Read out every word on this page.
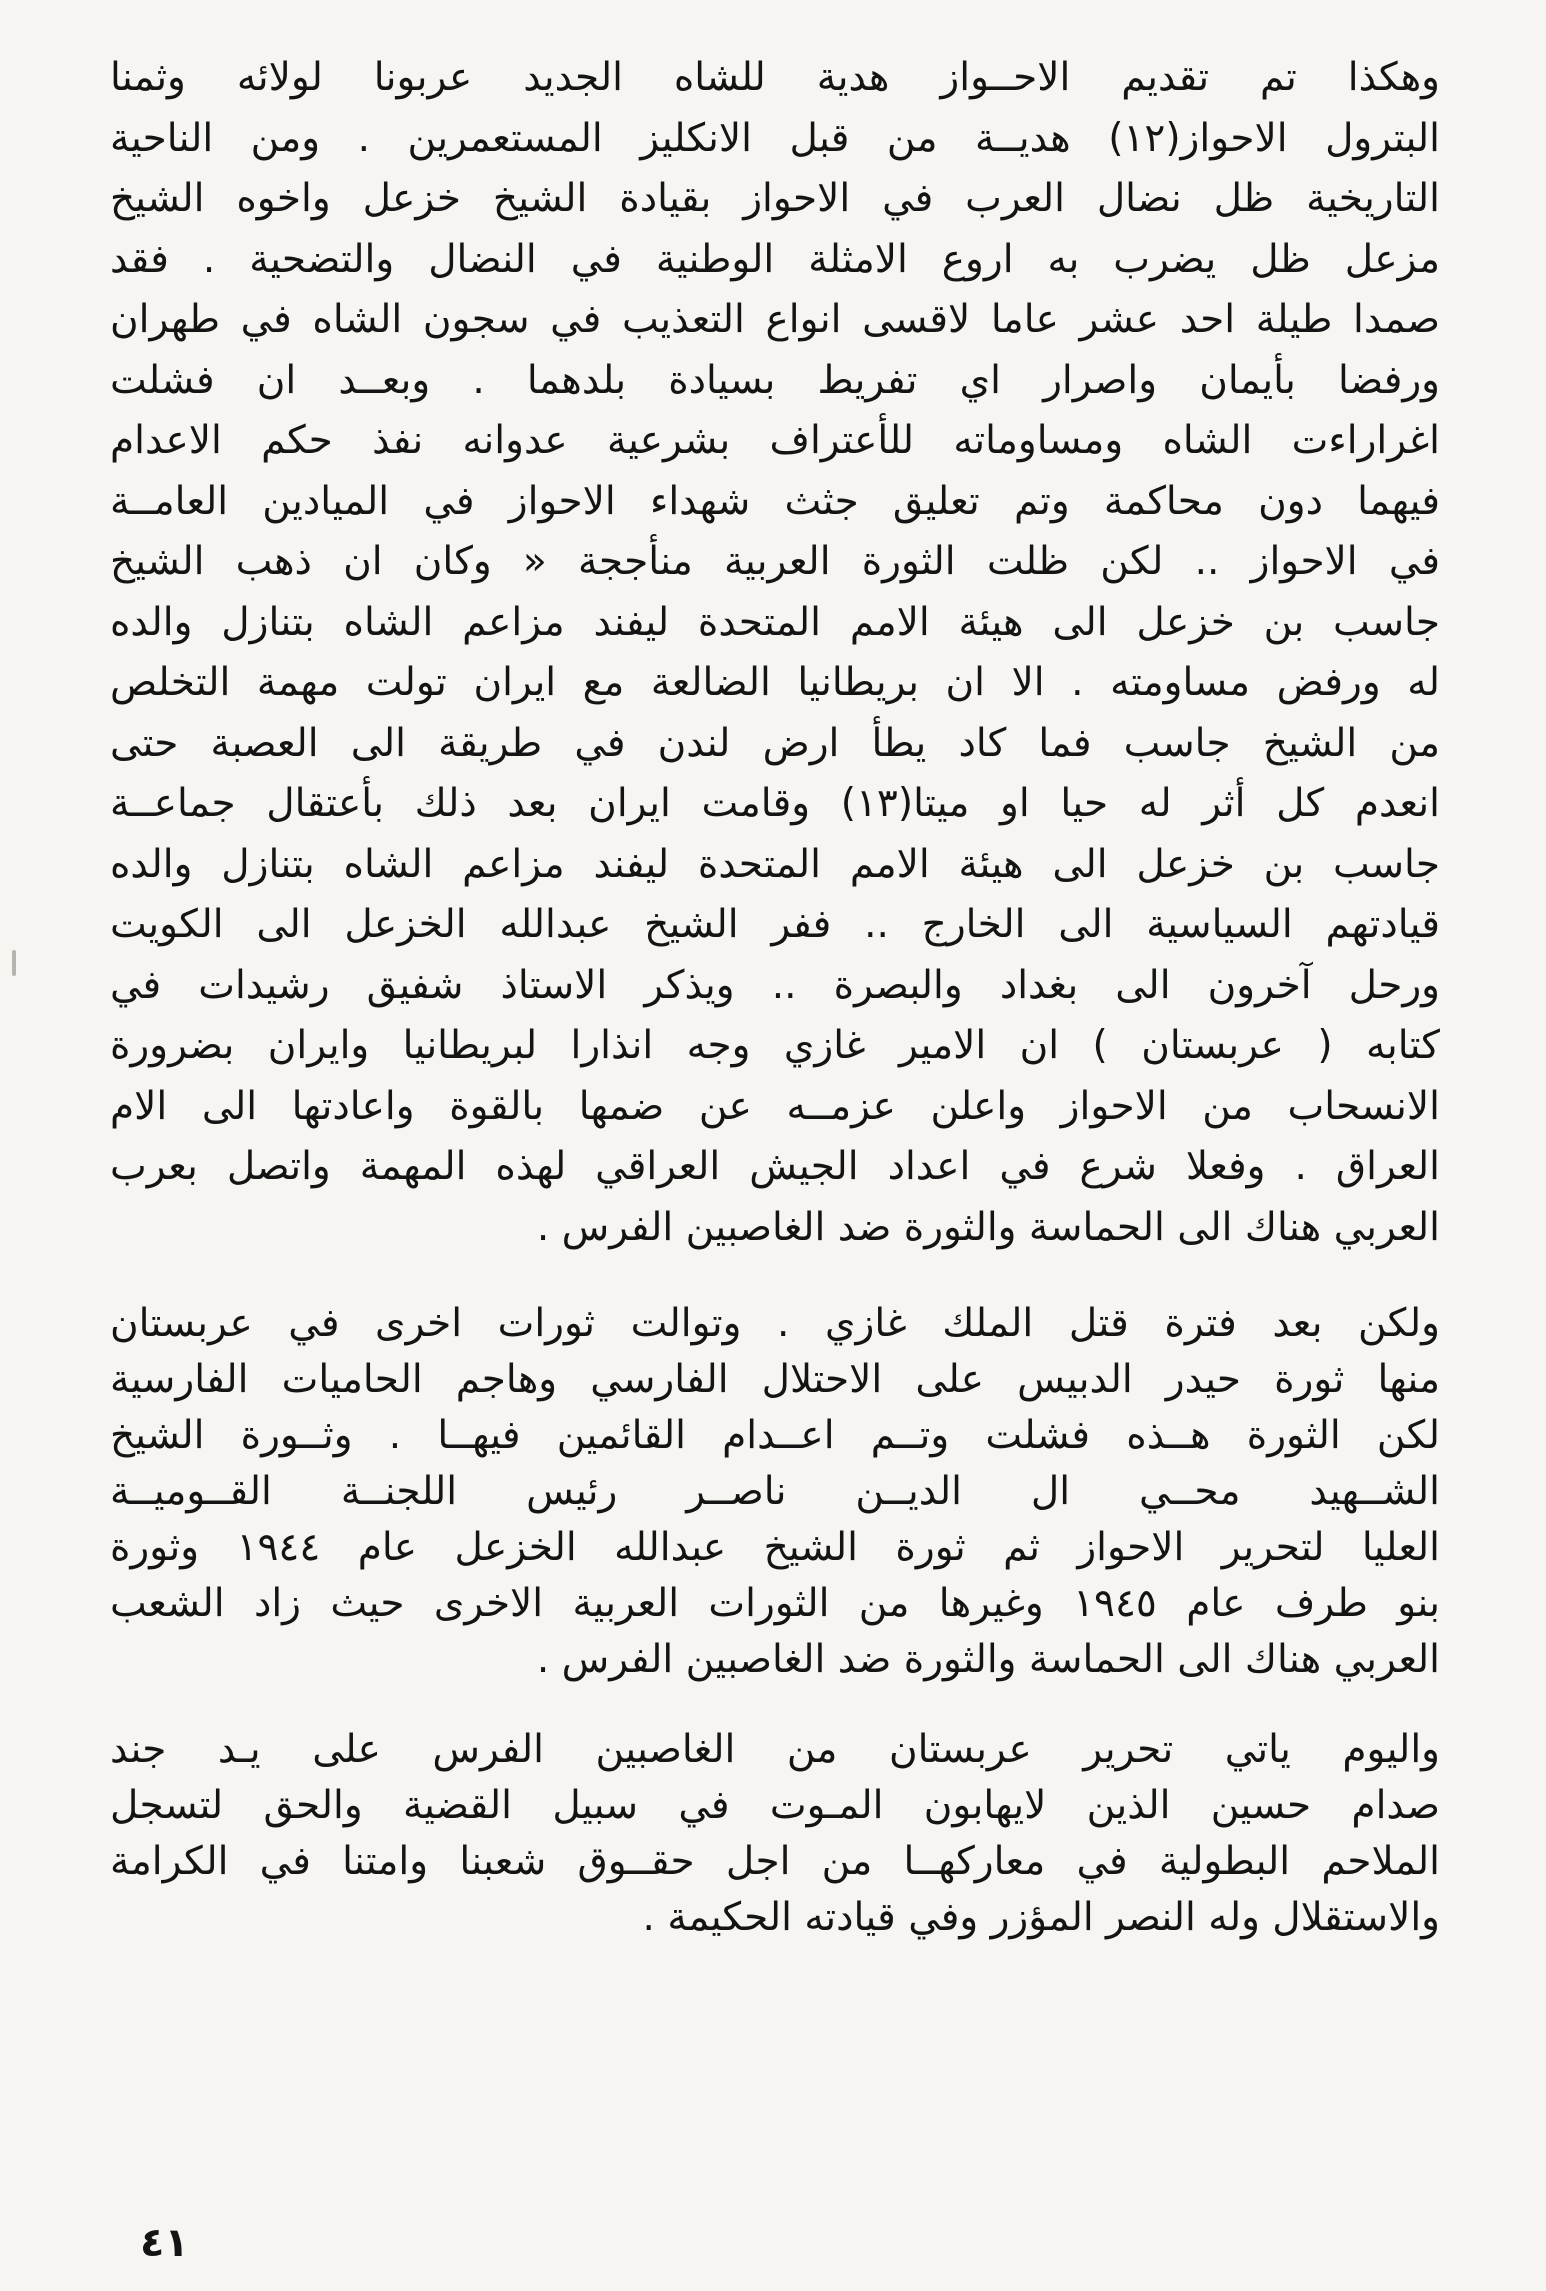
وهكذا تم تقديم الاحــواز هدية للشاه الجديد عربونا لولائه وثمنا
البترول الاحواز(١٢) هديــة من قبل الانكليز المستعمرين . ومن الناحية
التاريخية ظل نضال العرب في الاحواز بقيادة الشيخ خزعل واخوه الشيخ
مزعل ظل يضرب به اروع الامثلة الوطنية في النضال والتضحية . فقد
صمدا طيلة احد عشر عاما لاقسى انواع التعذيب في سجون الشاه في طهران
ورفضا بأيمان واصرار اي تفريط بسيادة بلدهما . وبعــد ان فشلت
اغراراءت الشاه ومساوماته للأعتراف بشرعية عدوانه نفذ حكم الاعدام
فيهما دون محاكمة وتم تعليق جثث شهداء الاحواز في الميادين العامــة
في الاحواز .. لكن ظلت الثورة العربية منأججة « وكان ان ذهب الشيخ
جاسب بن خزعل الى هيئة الامم المتحدة ليفند مزاعم الشاه بتنازل والده
له ورفض مساومته . الا ان بريطانيا الضالعة مع ايران تولت مهمة التخلص
من الشيخ جاسب فما كاد يطأ ارض لندن في طريقة الى العصبة حتى
انعدم كل أثر له حيا او ميتا(١٣) وقامت ايران بعد ذلك بأعتقال جماعــة
جاسب بن خزعل الى هيئة الامم المتحدة ليفند مزاعم الشاه بتنازل والده
قيادتهم السياسية الى الخارج .. ففر الشيخ عبدالله الخزعل الى الكويت
ورحل آخرون الى بغداد والبصرة .. ويذكر الاستاذ شفيق رشيدات في
كتابه ( عربستان ) ان الامير غازي وجه انذارا لبريطانيا وايران بضرورة
الانسحاب من الاحواز واعلن عزمــه عن ضمها بالقوة واعادتها الى الام
العراق . وفعلا شرع في اعداد الجيش العراقي لهذه المهمة واتصل بعرب
العربي هناك الى الحماسة والثورة ضد الغاصبين الفرس .
ولكن بعد فترة قتل الملك غازي . وتوالت ثورات اخرى في عربستان
منها ثورة حيدر الدبيس على الاحتلال الفارسي وهاجم الحاميات الفارسية
لكن الثورة هــذه فشلت وتــم اعــدام القائمين فيهــا . وثــورة الشيخ
الشــهيد محــي ال الديــن ناصــر رئيس اللجنــة القــوميــة
العليا لتحرير الاحواز ثم ثورة الشيخ عبدالله الخزعل عام ١٩٤٤ وثورة
بنو طرف عام ١٩٤٥ وغيرها من الثورات العربية الاخرى حيث زاد الشعب
العربي هناك الى الحماسة والثورة ضد الغاصبين الفرس .
واليوم ياتي تحرير عربستان من الغاصبين الفرس على يـد جند
صدام حسين الذين لايهابون المـوت في سبيل القضية والحق لتسجل
الملاحم البطولية في معاركهــا من اجل حقــوق شعبنا وامتنا في الكرامة
والاستقلال وله النصر المؤزر وفي قيادته الحكيمة .
٤١
